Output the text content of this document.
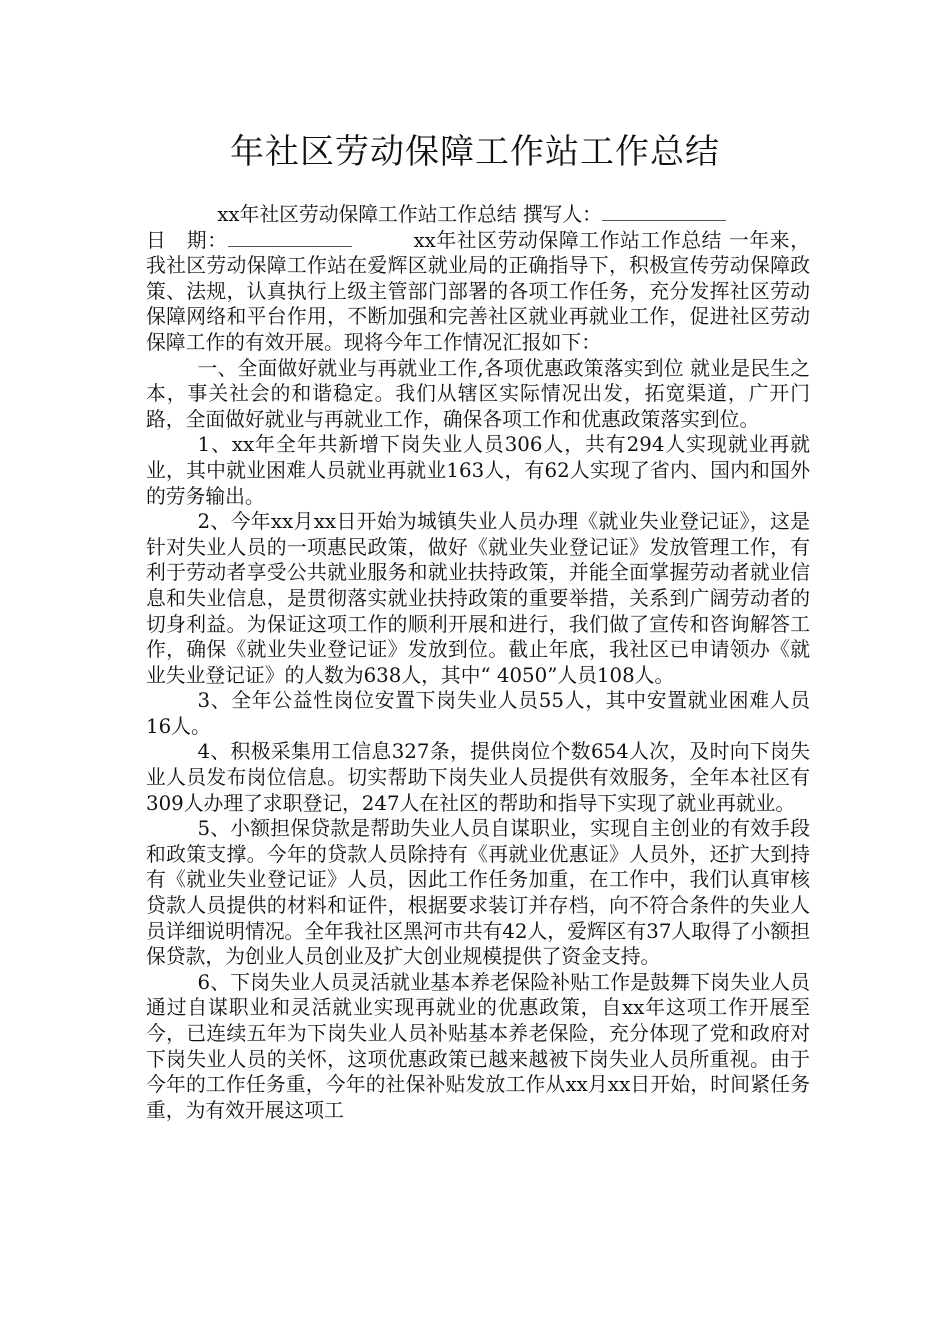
年社区劳动保障工作站工作总结

xx年社区劳动保障工作站工作总结 撰写人：
日　期：　　　	xx年社区劳动保障工作站工作总结 一年来，我社区劳动保障工作站在爱辉区就业局的正确指导下，积极宣传劳动保障政策、法规，认真执行上级主管部门部署的各项工作任务，充分发挥社区劳动保障网络和平台作用，不断加强和完善社区就业再就业工作，促进社区劳动保障工作的有效开展。现将今年工作情况汇报如下：

一、全面做好就业与再就业工作,各项优惠政策落实到位 就业是民生之本，事关社会的和谐稳定。我们从辖区实际情况出发，拓宽渠道，广开门路，全面做好就业与再就业工作，确保各项工作和优惠政策落实到位。

1、xx年全年共新增下岗失业人员306人，共有294人实现就业再就业，其中就业困难人员就业再就业163人，有62人实现了省内、国内和国外的劳务输出。

2、今年xx月xx日开始为城镇失业人员办理《就业失业登记证》，这是针对失业人员的一项惠民政策，做好《就业失业登记证》发放管理工作，有利于劳动者享受公共就业服务和就业扶持政策，并能全面掌握劳动者就业信息和失业信息，是贯彻落实就业扶持政策的重要举措，关系到广阔劳动者的切身利益。为保证这项工作的顺利开展和进行，我们做了宣传和咨询解答工作，确保《就业失业登记证》发放到位。截止年底，我社区已申请领办《就业失业登记证》的人数为638人，其中“ 4050”人员108人。

3、全年公益性岗位安置下岗失业人员55人，其中安置就业困难人员16人。

4、积极采集用工信息327条，提供岗位个数654人次，及时向下岗失业人员发布岗位信息。切实帮助下岗失业人员提供有效服务，全年本社区有309人办理了求职登记，247人在社区的帮助和指导下实现了就业再就业。

5、小额担保贷款是帮助失业人员自谋职业，实现自主创业的有效手段和政策支撑。今年的贷款人员除持有《再就业优惠证》人员外，还扩大到持有《就业失业登记证》人员，因此工作任务加重，在工作中，我们认真审核贷款人员提供的材料和证件，根据要求装订并存档，向不符合条件的失业人员详细说明情况。全年我社区黑河市共有42人，爱辉区有37人取得了小额担保贷款，为创业人员创业及扩大创业规模提供了资金支持。

6、下岗失业人员灵活就业基本养老保险补贴工作是鼓舞下岗失业人员通过自谋职业和灵活就业实现再就业的优惠政策，自xx年这项工作开展至今，已连续五年为下岗失业人员补贴基本养老保险，充分体现了党和政府对下岗失业人员的关怀，这项优惠政策已越来越被下岗失业人员所重视。由于今年的工作任务重，今年的社保补贴发放工作从xx月xx日开始，时间紧任务重，为有效开展这项工
